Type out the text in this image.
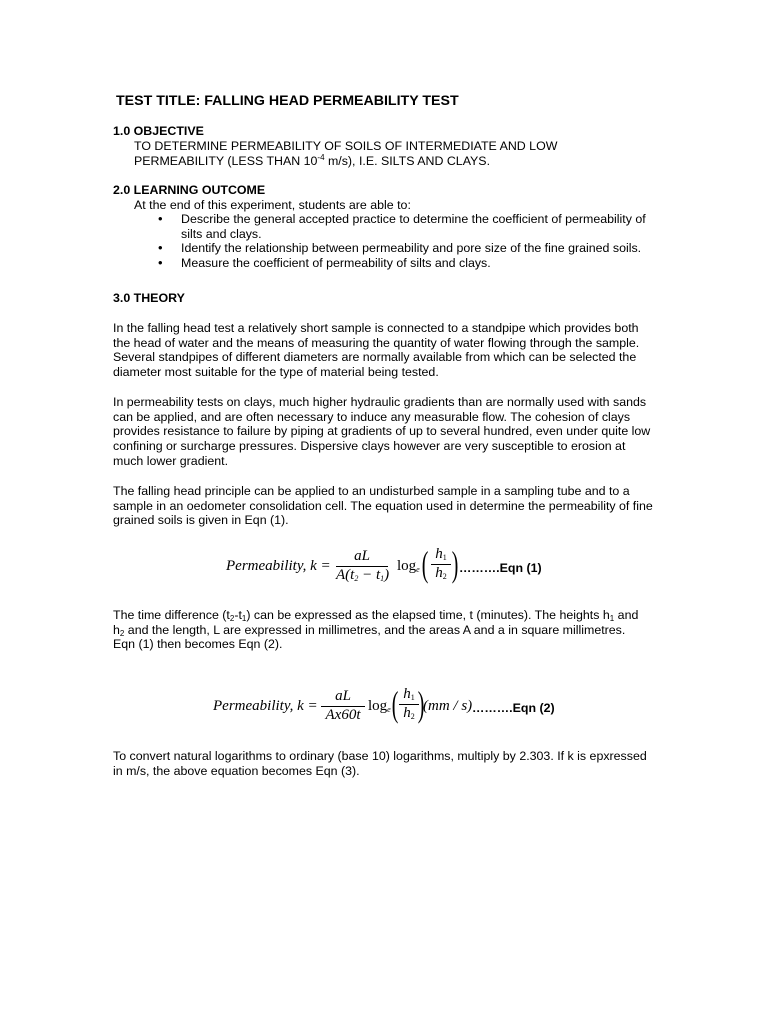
TEST TITLE: FALLING HEAD PERMEABILITY TEST
1.0 OBJECTIVE
TO DETERMINE PERMEABILITY OF SOILS OF INTERMEDIATE AND LOW
PERMEABILITY (LESS THAN $10^{-4}$ m/s), I.E. SILTS AND CLAYS.
2.0 LEARNING OUTCOME
At the end of this experiment, students are able to:
• Describe the general accepted practice to determine the coefficient of permeability of silts and clays.
• Identify the relationship between permeability and pore size of the fine grained soils.
• Measure the coefficient of permeability of silts and clays.
3.0 THEORY
In the falling head test a relatively short sample is connected to a standpipe which provides both the head of water and the means of measuring the quantity of water flowing through the sample. Several standpipes of different diameters are normally available from which can be selected the diameter most suitable for the type of material being tested.
In permeability tests on clays, much higher hydraulic gradients than are normally used with sands can be applied, and are often necessary to induce any measurable flow. The cohesion of clays provides resistance to failure by piping at gradients of up to several hundred, even under quite low confining or surcharge pressures. Dispersive clays however are very susceptible to erosion at much lower gradient.
The falling head principle can be applied to an undisturbed sample in a sampling tube and to a sample in an oedometer consolidation cell. The equation used in determine the permeability of fine grained soils is given in Eqn (1).
Permeability, k =
aL
$A(t_2 - t_1)$
$\log_e$ ( $h_1$
$h_2$ ) ……….Eqn (1)
The time difference $(t_2-t_1)$ can be expressed as the elapsed time, t (minutes). The heights $h_1$ and
$h_2$ and the length, L are expressed in millimetres, and the areas A and a in square millimetres.
Eqn (1) then becomes Eqn (2).
Permeability, k =
aL
Ax60t
$\log_e$ ( $h_1$
$h_2$ )
(mm / s) ……….Eqn (2)
To convert natural logarithms to ordinary (base 10) logarithms, multiply by 2.303. If k is epxressed in m/s, the above equation becomes Eqn (3).
